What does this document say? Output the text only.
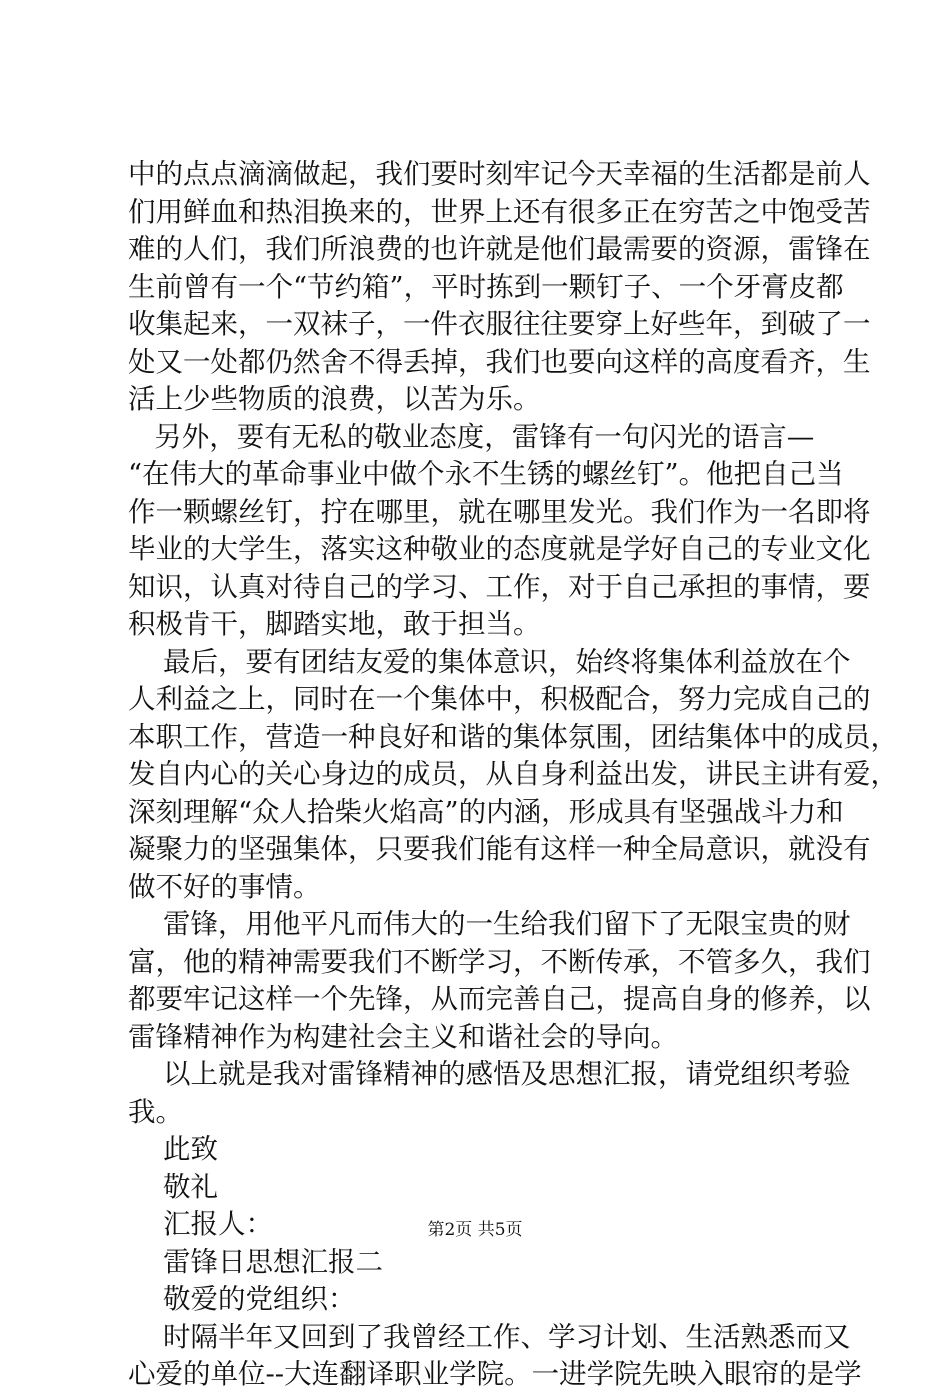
中的点点滴滴做起，我们要时刻牢记今天幸福的生活都是前人
们用鲜血和热泪换来的，世界上还有很多正在穷苦之中饱受苦
难的人们，我们所浪费的也许就是他们最需要的资源，雷锋在
生前曾有一个“节约箱”，平时拣到一颗钉子、一个牙膏皮都
收集起来，一双袜子，一件衣服往往要穿上好些年，到破了一
处又一处都仍然舍不得丢掉，我们也要向这样的高度看齐，生
活上少些物质的浪费，以苦为乐。
另外，要有无私的敬业态度，雷锋有一句闪光的语言—
“在伟大的革命事业中做个永不生锈的螺丝钉”。他把自己当
作一颗螺丝钉，拧在哪里，就在哪里发光。我们作为一名即将
毕业的大学生，落实这种敬业的态度就是学好自己的专业文化
知识，认真对待自己的学习、工作，对于自己承担的事情，要
积极肯干，脚踏实地，敢于担当。
最后，要有团结友爱的集体意识，始终将集体利益放在个
人利益之上，同时在一个集体中，积极配合，努力完成自己的
本职工作，营造一种良好和谐的集体氛围，团结集体中的成员，
发自内心的关心身边的成员，从自身利益出发，讲民主讲有爱，
深刻理解“众人拾柴火焰高”的内涵，形成具有坚强战斗力和
凝聚力的坚强集体，只要我们能有这样一种全局意识，就没有
做不好的事情。
雷锋，用他平凡而伟大的一生给我们留下了无限宝贵的财
富，他的精神需要我们不断学习，不断传承，不管多久，我们
都要牢记这样一个先锋，从而完善自己，提高自身的修养，以
雷锋精神作为构建社会主义和谐社会的导向。
以上就是我对雷锋精神的感悟及思想汇报，请党组织考验
我。
此致
敬礼
汇报人：
雷锋日思想汇报二
敬爱的党组织：
时隔半年又回到了我曾经工作、学习计划、生活熟悉而又
心爱的单位--大连翻译职业学院。一进学院先映入眼帘的是学
第2页 共5页
